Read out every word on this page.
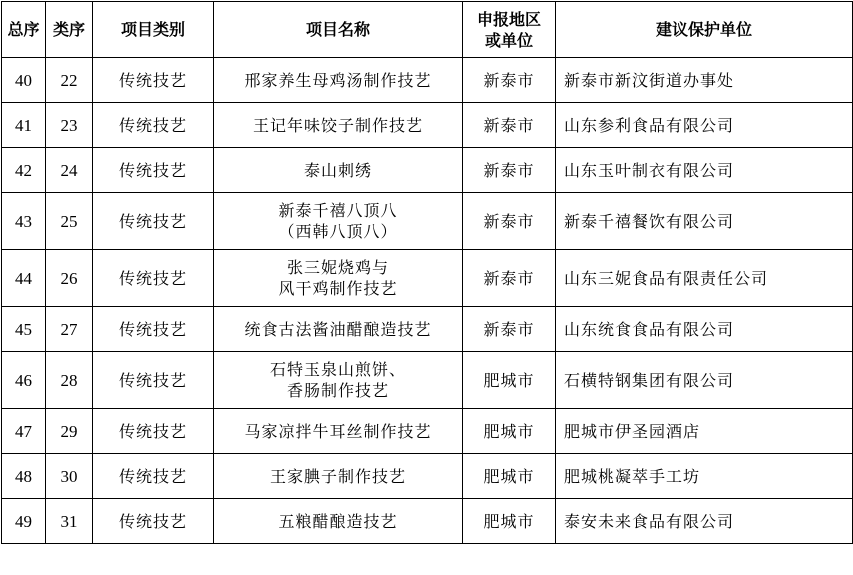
总序	类序	项目类别	项目名称	申报地区
或单位	建议保护单位
40	22	传统技艺	邢家养生母鸡汤制作技艺	新泰市	新泰市新汶街道办事处
41	23	传统技艺	王记年味饺子制作技艺	新泰市	山东参利食品有限公司
42	24	传统技艺	泰山刺绣	新泰市	山东玉叶制衣有限公司
43	25	传统技艺	新泰千禧八顶八
（西韩八顶八）	新泰市	新泰千禧餐饮有限公司
44	26	传统技艺	张三妮烧鸡与
风干鸡制作技艺	新泰市	山东三妮食品有限责任公司
45	27	传统技艺	统食古法酱油醋酿造技艺	新泰市	山东统食食品有限公司
46	28	传统技艺	石特玉泉山煎饼、
香肠制作技艺	肥城市	石横特钢集团有限公司
47	29	传统技艺	马家凉拌牛耳丝制作技艺	肥城市	肥城市伊圣园酒店
48	30	传统技艺	王家腆子制作技艺	肥城市	肥城桃凝萃手工坊
49	31	传统技艺	五粮醋酿造技艺	肥城市	泰安未来食品有限公司
